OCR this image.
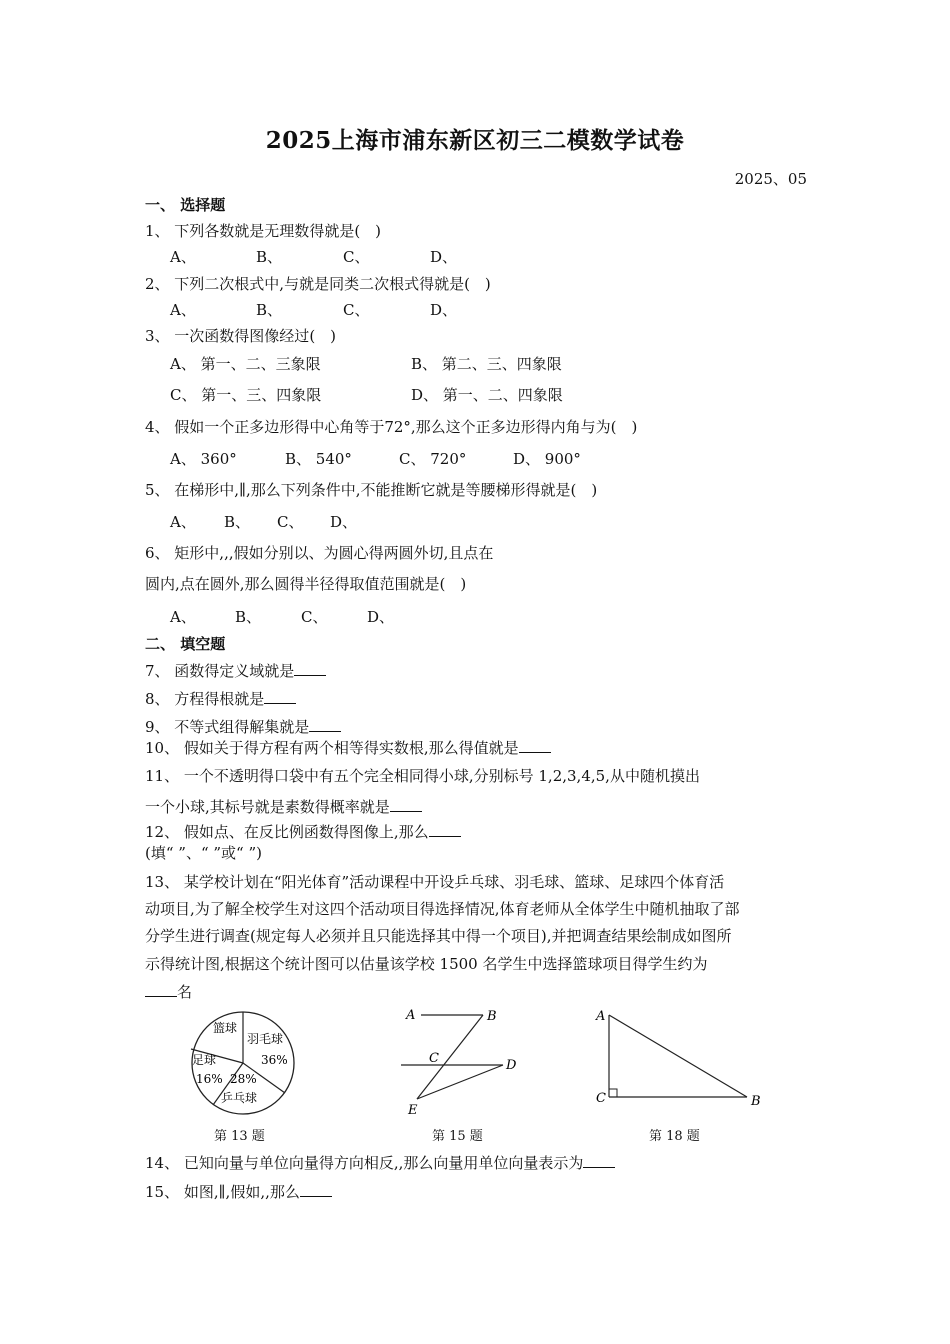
2025上海市浦东新区初三二模数学试卷
2025、05
一、 选择题
1、 下列各数就是无理数得就是(　)
A、	B、	C、	D、
2、 下列二次根式中,与就是同类二次根式得就是(　)
A、	B、	C、	D、
3、 一次函数得图像经过(　)
A、 第一、二、三象限	B、 第二、三、四象限
C、 第一、三、四象限	D、 第一、二、四象限
4、 假如一个正多边形得中心角等于72°,那么这个正多边形得内角与为(　)
A、 360°	B、 540°	C、 720°	D、 900°
5、 在梯形中,∥,那么下列条件中,不能推断它就是等腰梯形得就是(　)
A、 B、 C、 D、
6、 矩形中,,,假如分别以、为圆心得两圆外切,且点在
圆内,点在圆外,那么圆得半径得取值范围就是(　)
A、	B、	C、	D、
二、 填空题
7、 函数得定义域就是
8、 方程得根就是
9、 不等式组得解集就是
10、 假如关于得方程有两个相等得实数根,那么得值就是
11、 一个不透明得口袋中有五个完全相同得小球,分别标号 1,2,3,4,5,从中随机摸出
一个小球,其标号就是素数得概率就是
12、 假如点、在反比例函数得图像上,那么
(填“ ”、“ ”或“ ”)
13、 某学校计划在“阳光体育”活动课程中开设乒乓球、羽毛球、篮球、足球四个体育活
动项目,为了解全校学生对这四个活动项目得选择情况,体育老师从全体学生中随机抽取了部
分学生进行调查(规定每人必须并且只能选择其中得一个项目),并把调查结果绘制成如图所
示得统计图,根据这个统计图可以估量该学校 1500 名学生中选择篮球项目得学生约为
名
篮球
羽毛球
36%
足球
16% 28%
乒乓球
第 13 题
A	B
C	D
E
第 15 题
A
C	B
第 18 题
14、 已知向量与单位向量得方向相反,,那么向量用单位向量表示为
15、 如图,∥,假如,,那么
